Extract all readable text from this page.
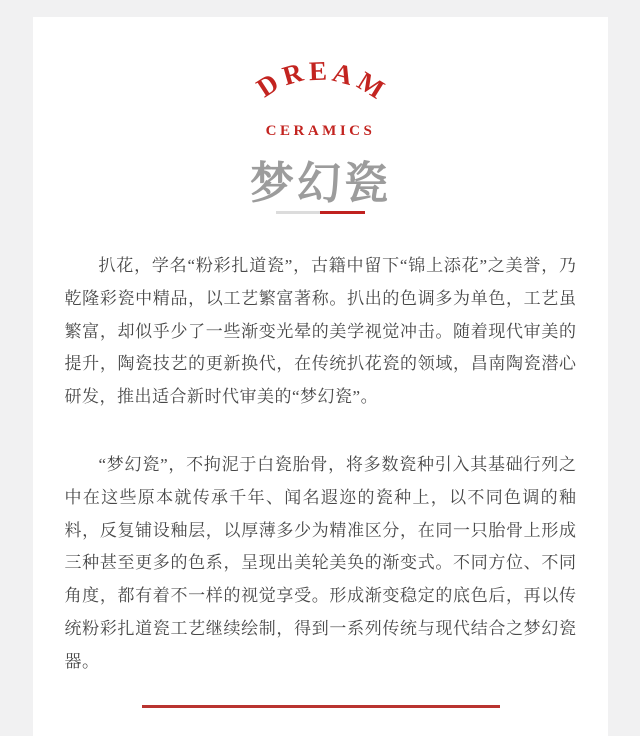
D
R E A
M
CERAMICS
梦幻瓷

扒花，学名“粉彩扎道瓷”，古籍中留下“锦上添花”之美誉，乃乾隆彩瓷中精品，以工艺繁富著称。扒出的色调多为单色，工艺虽繁富，却似乎少了一些渐变光晕的美学视觉冲击。随着现代审美的提升，陶瓷技艺的更新换代，在传统扒花瓷的领域，昌南陶瓷潜心研发，推出适合新时代审美的“梦幻瓷”。

“梦幻瓷”，不拘泥于白瓷胎骨，将多数瓷种引入其基础行列之中在这些原本就传承千年、闻名遐迩的瓷种上，以不同色调的釉料，反复铺设釉层，以厚薄多少为精准区分，在同一只胎骨上形成三种甚至更多的色系，呈现出美轮美奂的渐变式。不同方位、不同角度，都有着不一样的视觉享受。形成渐变稳定的底色后，再以传统粉彩扎道瓷工艺继续绘制，得到一系列传统与现代结合之梦幻瓷器。
